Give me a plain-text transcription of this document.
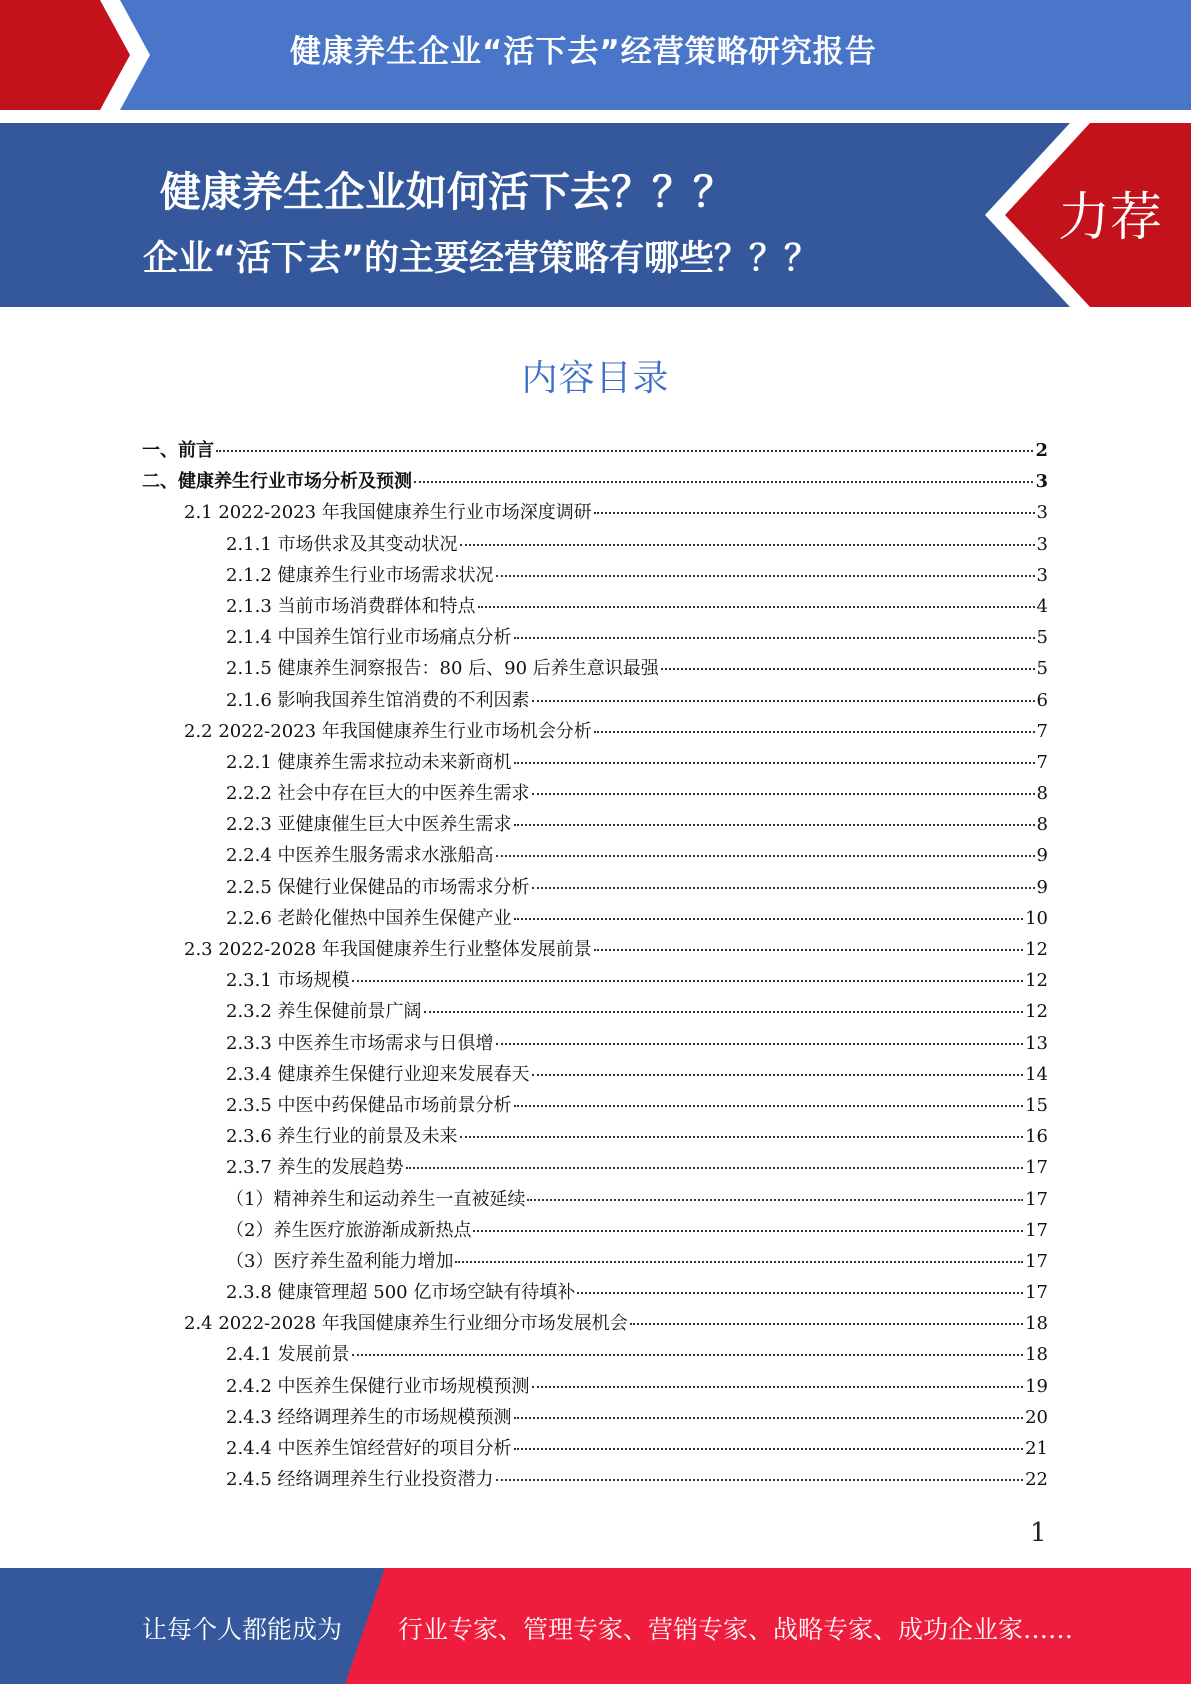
健康养生企业“活下去”经营策略研究报告
健康养生企业如何活下去？？？
企业“活下去”的主要经营策略有哪些？？？
力荐
内容目录
一、前言	2
二、健康养生行业市场分析及预测	3
2.1 2022-2023 年我国健康养生行业市场深度调研	3
2.1.1 市场供求及其变动状况	3
2.1.2 健康养生行业市场需求状况	3
2.1.3 当前市场消费群体和特点	4
2.1.4 中国养生馆行业市场痛点分析	5
2.1.5 健康养生洞察报告：80 后、90 后养生意识最强	5
2.1.6 影响我国养生馆消费的不利因素	6
2.2 2022-2023 年我国健康养生行业市场机会分析	7
2.2.1 健康养生需求拉动未来新商机	7
2.2.2 社会中存在巨大的中医养生需求	8
2.2.3 亚健康催生巨大中医养生需求	8
2.2.4 中医养生服务需求水涨船高	9
2.2.5 保健行业保健品的市场需求分析	9
2.2.6 老龄化催热中国养生保健产业	10
2.3 2022-2028 年我国健康养生行业整体发展前景	12
2.3.1 市场规模	12
2.3.2 养生保健前景广阔	12
2.3.3 中医养生市场需求与日俱增	13
2.3.4 健康养生保健行业迎来发展春天	14
2.3.5 中医中药保健品市场前景分析	15
2.3.6 养生行业的前景及未来	16
2.3.7 养生的发展趋势	17
（1）精神养生和运动养生一直被延续	17
（2）养生医疗旅游渐成新热点	17
（3）医疗养生盈利能力增加	17
2.3.8 健康管理超 500 亿市场空缺有待填补	17
2.4 2022-2028 年我国健康养生行业细分市场发展机会	18
2.4.1 发展前景	18
2.4.2 中医养生保健行业市场规模预测	19
2.4.3 经络调理养生的市场规模预测	20
2.4.4 中医养生馆经营好的项目分析	21
2.4.5 经络调理养生行业投资潜力	22
1
让每个人都能成为 行业专家、管理专家、营销专家、战略专家、成功企业家……
